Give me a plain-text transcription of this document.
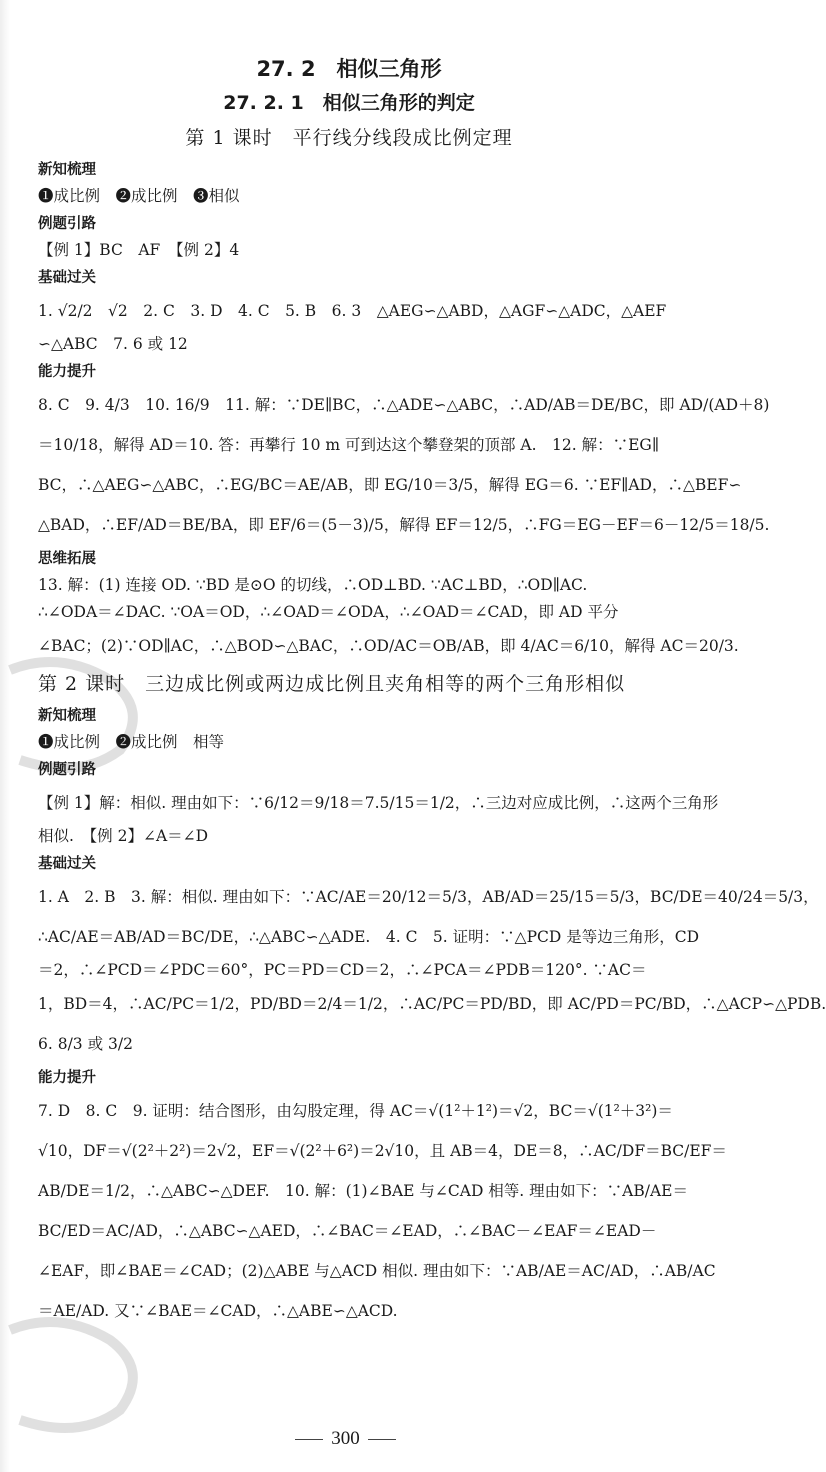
27. 2　相似三角形
27. 2. 1　相似三角形的判定
第 1 课时　平行线分线段成比例定理
新知梳理
❶成比例　❷成比例　❸相似
例题引路
【例 1】BC　AF　【例 2】4
基础过关
1. √2/2　√2　2. C　3. D　4. C　5. B　6. 3　△AEG∽△ABD，△AGF∽△ADC，△AEF
∽△ABC　7. 6 或 12
能力提升
8. C　9. 4/3　10. 16/9　11. 解：∵DE∥BC，∴△ADE∽△ABC，∴AD/AB＝DE/BC，即 AD/(AD＋8)
＝10/18，解得 AD＝10. 答：再攀行 10 m 可到达这个攀登架的顶部 A.　12. 解：∵EG∥
BC，∴△AEG∽△ABC，∴EG/BC＝AE/AB，即 EG/10＝3/5，解得 EG＝6. ∵EF∥AD，∴△BEF∽
△BAD，∴EF/AD＝BE/BA，即 EF/6＝(5－3)/5，解得 EF＝12/5，∴FG＝EG－EF＝6－12/5＝18/5.
思维拓展
13. 解：(1) 连接 OD. ∵BD 是⊙O 的切线，∴OD⊥BD. ∵AC⊥BD，∴OD∥AC.
∴∠ODA＝∠DAC. ∵OA＝OD，∴∠OAD＝∠ODA，∴∠OAD＝∠CAD，即 AD 平分
∠BAC；(2)∵OD∥AC，∴△BOD∽△BAC，∴OD/AC＝OB/AB，即 4/AC＝6/10，解得 AC＝20/3.
第 2 课时　三边成比例或两边成比例且夹角相等的两个三角形相似
新知梳理
❶成比例　❷成比例　相等
例题引路
【例 1】解：相似. 理由如下：∵6/12＝9/18＝7.5/15＝1/2，∴三边对应成比例，∴这两个三角形
相似.　【例 2】∠A＝∠D
基础过关
1. A　2. B　3. 解：相似. 理由如下：∵AC/AE＝20/12＝5/3，AB/AD＝25/15＝5/3，BC/DE＝40/24＝5/3，
∴AC/AE＝AB/AD＝BC/DE，∴△ABC∽△ADE.　4. C　5. 证明：∵△PCD 是等边三角形，CD
＝2，∴∠PCD＝∠PDC＝60°，PC＝PD＝CD＝2，∴∠PCA＝∠PDB＝120°. ∵AC＝
1，BD＝4，∴AC/PC＝1/2，PD/BD＝2/4＝1/2，∴AC/PC＝PD/BD，即 AC/PD＝PC/BD，∴△ACP∽△PDB.
6. 8/3 或 3/2
能力提升
7. D　8. C　9. 证明：结合图形，由勾股定理，得 AC＝√(1²＋1²)＝√2，BC＝√(1²＋3²)＝
√10，DF＝√(2²＋2²)＝2√2，EF＝√(2²＋6²)＝2√10，且 AB＝4，DE＝8，∴AC/DF＝BC/EF＝
AB/DE＝1/2，∴△ABC∽△DEF.　10. 解：(1)∠BAE 与∠CAD 相等. 理由如下：∵AB/AE＝
BC/ED＝AC/AD，∴△ABC∽△AED，∴∠BAC＝∠EAD，∴∠BAC－∠EAF＝∠EAD－
∠EAF，即∠BAE＝∠CAD；(2)△ABE 与△ACD 相似. 理由如下：∵AB/AE＝AC/AD，∴AB/AC
＝AE/AD. 又∵∠BAE＝∠CAD，∴△ABE∽△ACD.
300
